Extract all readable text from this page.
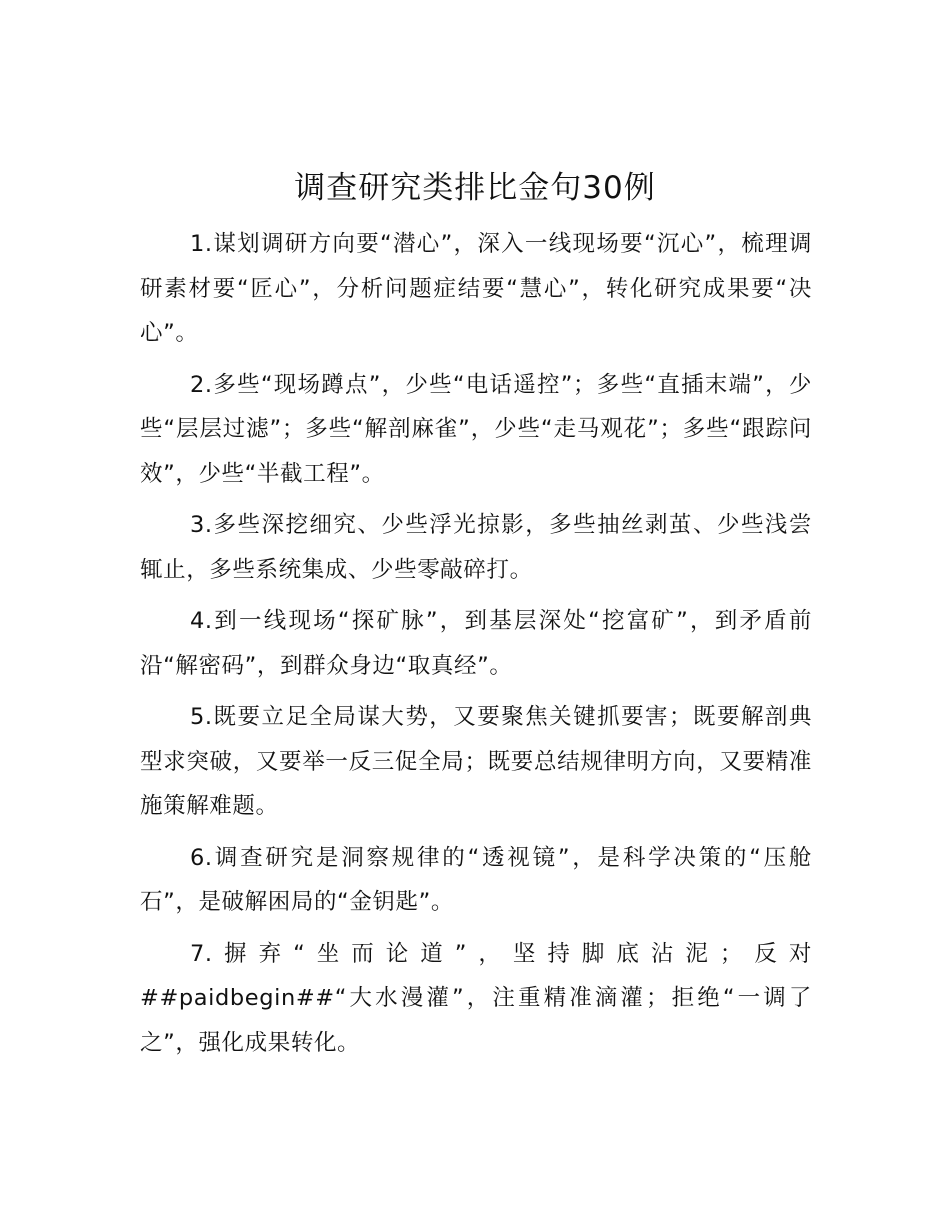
调查研究类排比金句30例

1.谋划调研方向要“潜心”，深入一线现场要“沉心”，梳理调研素材要“匠心”，分析问题症结要“慧心”，转化研究成果要“决心”。

2.多些“现场蹲点”，少些“电话遥控”；多些“直插末端”，少些“层层过滤”；多些“解剖麻雀”，少些“走马观花”；多些“跟踪问效”，少些“半截工程”。

3.多些深挖细究、少些浮光掠影，多些抽丝剥茧、少些浅尝辄止，多些系统集成、少些零敲碎打。

4.到一线现场“探矿脉”，到基层深处“挖富矿”，到矛盾前沿“解密码”，到群众身边“取真经”。

5.既要立足全局谋大势，又要聚焦关键抓要害；既要解剖典型求突破，又要举一反三促全局；既要总结规律明方向，又要精准施策解难题。

6.调查研究是洞察规律的“透视镜”，是科学决策的“压舱石”，是破解困局的“金钥匙”。

7.摒弃“坐而论道”，坚持脚底沾泥；反对##paidbegin##“大水漫灌”，注重精准滴灌；拒绝“一调了之”，强化成果转化。
